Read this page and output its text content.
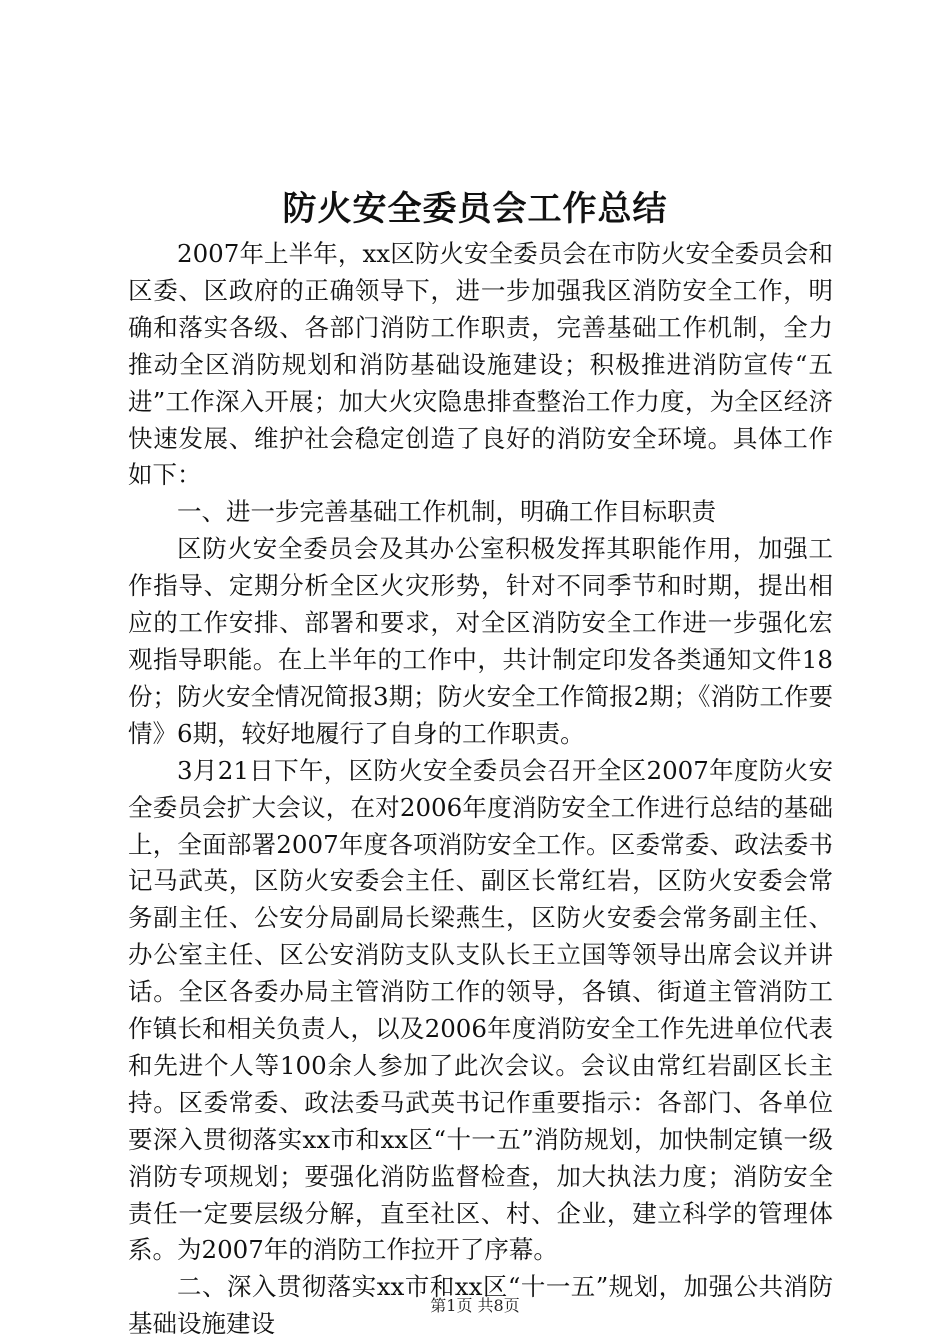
防火安全委员会工作总结

2007年上半年，xx区防火安全委员会在市防火安全委员会和区委、区政府的正确领导下，进一步加强我区消防安全工作，明确和落实各级、各部门消防工作职责，完善基础工作机制，全力推动全区消防规划和消防基础设施建设；积极推进消防宣传“五进”工作深入开展；加大火灾隐患排查整治工作力度，为全区经济快速发展、维护社会稳定创造了良好的消防安全环境。具体工作如下：

一、进一步完善基础工作机制，明确工作目标职责

区防火安全委员会及其办公室积极发挥其职能作用，加强工作指导、定期分析全区火灾形势，针对不同季节和时期，提出相应的工作安排、部署和要求，对全区消防安全工作进一步强化宏观指导职能。在上半年的工作中，共计制定印发各类通知文件18份；防火安全情况简报3期；防火安全工作简报2期；《消防工作要情》6期，较好地履行了自身的工作职责。

3月21日下午，区防火安全委员会召开全区2007年度防火安全委员会扩大会议，在对2006年度消防安全工作进行总结的基础上，全面部署2007年度各项消防安全工作。区委常委、政法委书记马武英，区防火安委会主任、副区长常红岩，区防火安委会常务副主任、公安分局副局长梁燕生，区防火安委会常务副主任、办公室主任、区公安消防支队支队长王立国等领导出席会议并讲话。全区各委办局主管消防工作的领导，各镇、街道主管消防工作镇长和相关负责人，以及2006年度消防安全工作先进单位代表和先进个人等100余人参加了此次会议。会议由常红岩副区长主持。区委常委、政法委马武英书记作重要指示：各部门、各单位要深入贯彻落实xx市和xx区“十一五”消防规划，加快制定镇一级消防专项规划；要强化消防监督检查，加大执法力度；消防安全责任一定要层级分解，直至社区、村、企业，建立科学的管理体系。为2007年的消防工作拉开了序幕。

二、深入贯彻落实xx市和xx区“十一五”规划，加强公共消防基础设施建设

第1页 共8页
